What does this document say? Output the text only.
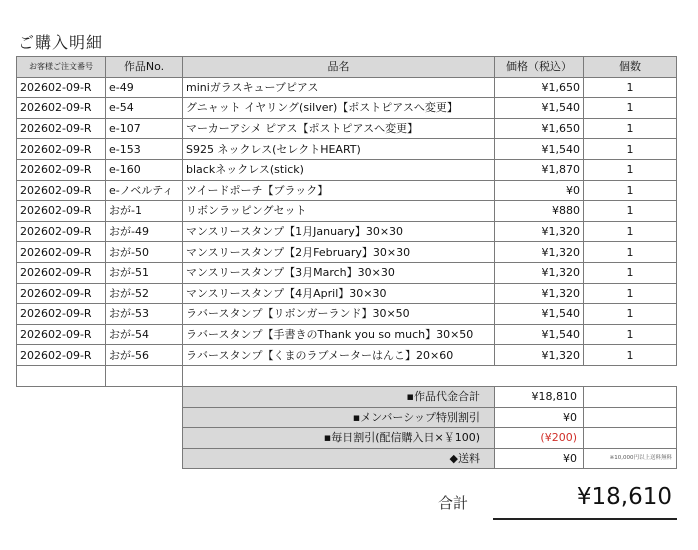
ご購入明細
お客様ご注文番号	作品No.	品名	価格（税込）	個数
202602-09-R	e-49	miniガラスキューブピアス	¥1,650	1
202602-09-R	e-54	グニャット イヤリング(silver)【ポストピアスへ変更】	¥1,540	1
202602-09-R	e-107	マーカーアシメ ピアス【ポストピアスへ変更】	¥1,650	1
202602-09-R	e-153	S925 ネックレス(セレクトHEART)	¥1,540	1
202602-09-R	e-160	blackネックレス(stick)	¥1,870	1
202602-09-R	e-ノベルティ	ツイードポーチ【ブラック】	¥0	1
202602-09-R	おが-1	リボンラッピングセット	¥880	1
202602-09-R	おが-49	マンスリースタンプ【1月January】30×30	¥1,320	1
202602-09-R	おが-50	マンスリースタンプ【2月February】30×30	¥1,320	1
202602-09-R	おが-51	マンスリースタンプ【3月March】30×30	¥1,320	1
202602-09-R	おが-52	マンスリースタンプ【4月April】30×30	¥1,320	1
202602-09-R	おが-53	ラバースタンプ【リボンガーランド】30×50	¥1,540	1
202602-09-R	おが-54	ラバースタンプ【手書きのThank you so much】30×50	¥1,540	1
202602-09-R	おが-56	ラバースタンプ【くまのラブメーターはんこ】20×60	¥1,320	1

▪作品代金合計	¥18,810	
▪メンバーシップ特別割引	¥0	
▪毎日割引(配信購入日×￥100)	(¥200)	
◆送料	¥0	※10,000円以上送料無料
合計	¥18,610
